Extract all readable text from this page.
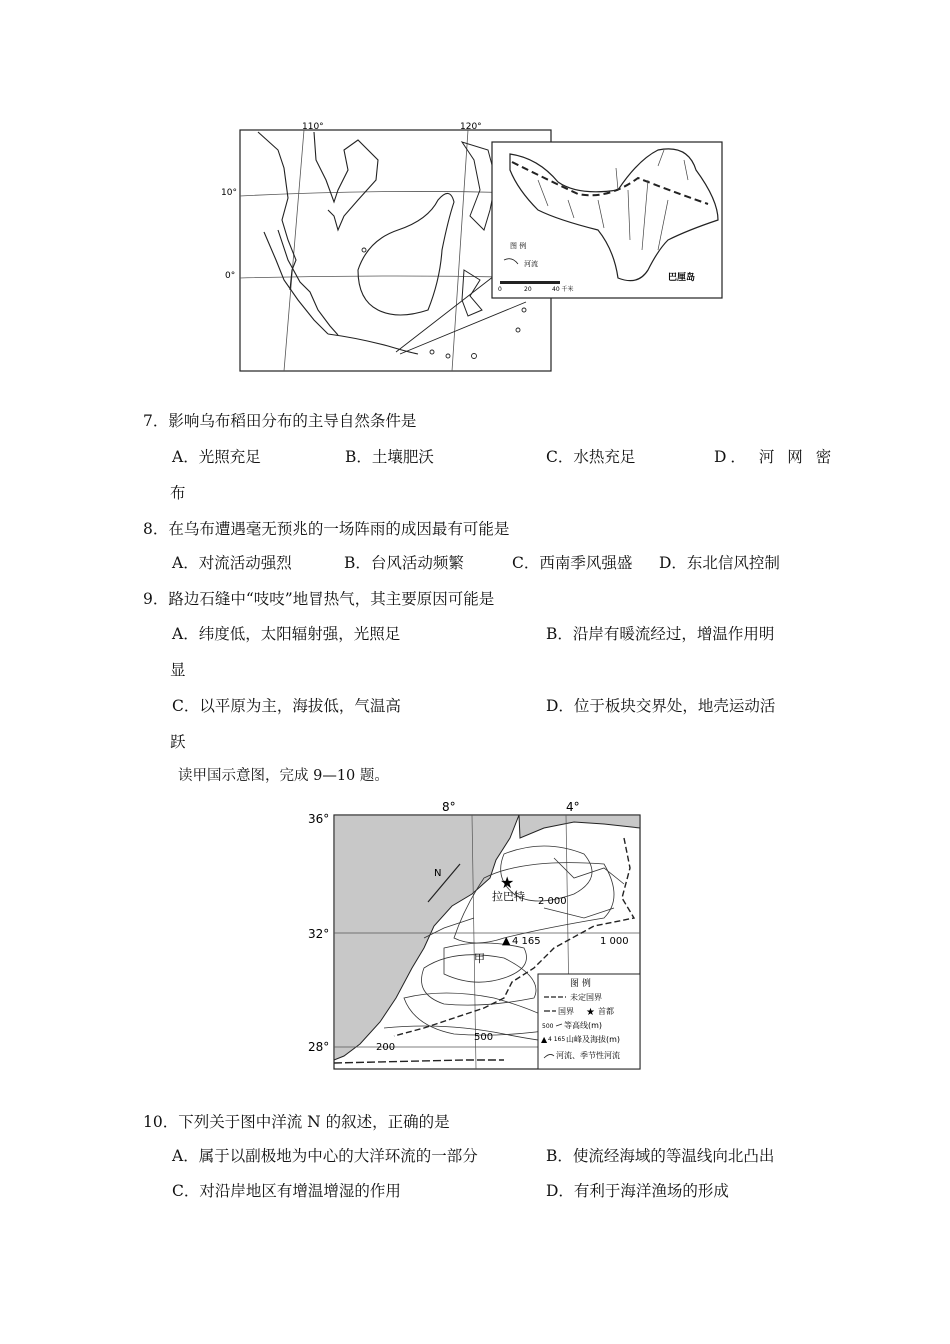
110°	120°
10°
0°
图 例
河流
0	20	40 千米
巴厘岛
7．影响乌布稻田分布的主导自然条件是
A．光照充足	B．土壤肥沃	C．水热充足	D． 河 网 密
布
8．在乌布遭遇毫无预兆的一场阵雨的成因最有可能是
A．对流活动强烈	B．台风活动频繁	C．西南季风强盛 D．东北信风控制
9．路边石缝中“吱吱”地冒热气，其主要原因可能是
A．纬度低，太阳辐射强，光照足	B．沿岸有暖流经过，增温作用明
显
C．以平原为主，海拔低，气温高	D．位于板块交界处，地壳运动活
跃
读甲国示意图，完成 9—10 题。
8°	4°
36°
32°
28°
N	★
拉巴特
▲ 4 165
甲
2 000
1 000
500
200
图 例
未定国界
国界 ★ 首都
500 等高线(m)
▲ 4 165 山峰及海拔(m)
河流、季节性河流
10．下列关于图中洋流 N 的叙述，正确的是
A．属于以副极地为中心的大洋环流的一部分	B．使流经海域的等温线向北凸出
C．对沿岸地区有增温增湿的作用	D．有利于海洋渔场的形成
